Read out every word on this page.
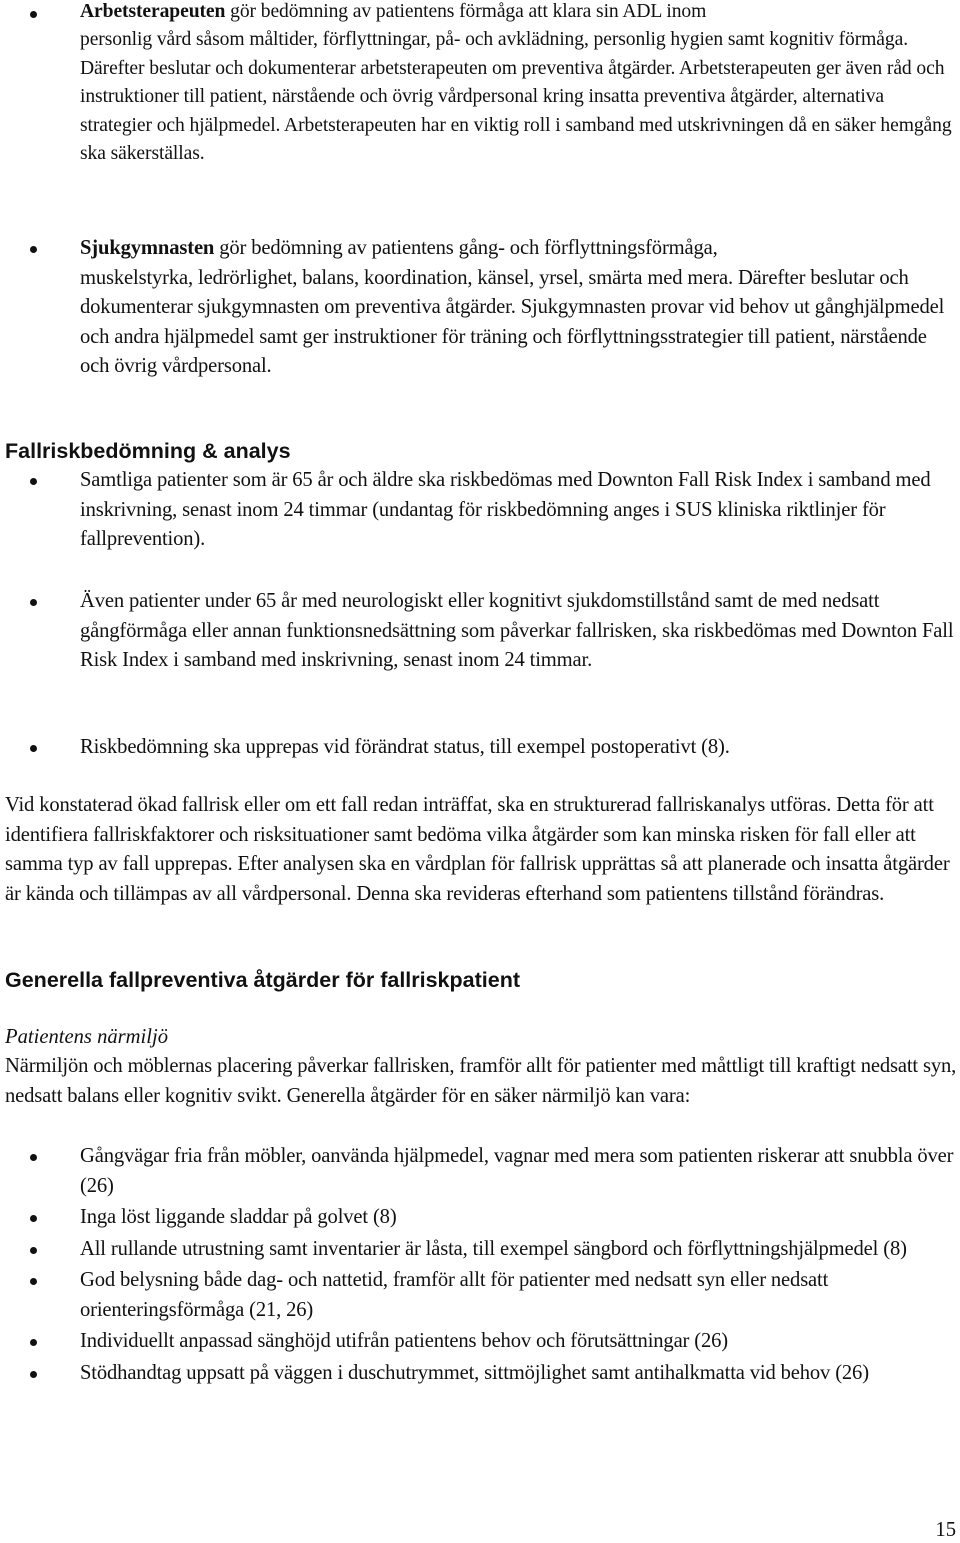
Arbetsterapeuten gör bedömning av patientens förmåga att klara sin ADL inom
personlig vård såsom måltider, förflyttningar, på- och avklädning, personlig hygien samt kognitiv förmåga. Därefter beslutar och dokumenterar arbetsterapeuten om preventiva åtgärder. Arbetsterapeuten ger även råd och instruktioner till patient, närstående och övrig vårdpersonal kring insatta preventiva åtgärder, alternativa strategier och hjälpmedel. Arbetsterapeuten har en viktig roll i samband med utskrivningen då en säker hemgång ska säkerställas.

Sjukgymnasten gör bedömning av patientens gång- och förflyttningsförmåga,
muskelstyrka, ledrörlighet, balans, koordination, känsel, yrsel, smärta med mera. Därefter beslutar och dokumenterar sjukgymnasten om preventiva åtgärder. Sjukgymnasten provar vid behov ut gånghjälpmedel och andra hjälpmedel samt ger instruktioner för träning och förflyttningsstrategier till patient, närstående och övrig vårdpersonal.

Fallriskbedömning & analys

Samtliga patienter som är 65 år och äldre ska riskbedömas med Downton Fall Risk Index i samband med inskrivning, senast inom 24 timmar (undantag för riskbedömning anges i SUS kliniska riktlinjer för fallprevention).

Även patienter under 65 år med neurologiskt eller kognitivt sjukdomstillstånd samt de med nedsatt gångförmåga eller annan funktionsnedsättning som påverkar fallrisken, ska riskbedömas med Downton Fall Risk Index i samband med inskrivning, senast inom 24 timmar.

Riskbedömning ska upprepas vid förändrat status, till exempel postoperativt (8).

Vid konstaterad ökad fallrisk eller om ett fall redan inträffat, ska en strukturerad fallriskanalys utföras. Detta för att identifiera fallriskfaktorer och risksituationer samt bedöma vilka åtgärder som kan minska risken för fall eller att samma typ av fall upprepas. Efter analysen ska en vårdplan för fallrisk upprättas så att planerade och insatta åtgärder är kända och tillämpas av all vårdpersonal. Denna ska revideras efterhand som patientens tillstånd förändras.

Generella fallpreventiva åtgärder för fallriskpatient

Patientens närmiljö

Närmiljön och möblernas placering påverkar fallrisken, framför allt för patienter med måttligt till kraftigt nedsatt syn, nedsatt balans eller kognitiv svikt. Generella åtgärder för en säker närmiljö kan vara:

Gångvägar fria från möbler, oanvända hjälpmedel, vagnar med mera som patienten riskerar att snubbla över (26)

Inga löst liggande sladdar på golvet (8)

All rullande utrustning samt inventarier är låsta, till exempel sängbord och förflyttningshjälpmedel (8)

God belysning både dag- och nattetid, framför allt för patienter med nedsatt syn eller nedsatt orienteringsförmåga (21, 26)

Individuellt anpassad sänghöjd utifrån patientens behov och förutsättningar (26)

Stödhandtag uppsatt på väggen i duschutrymmet, sittmöjlighet samt antihalkmatta vid behov (26)

15
